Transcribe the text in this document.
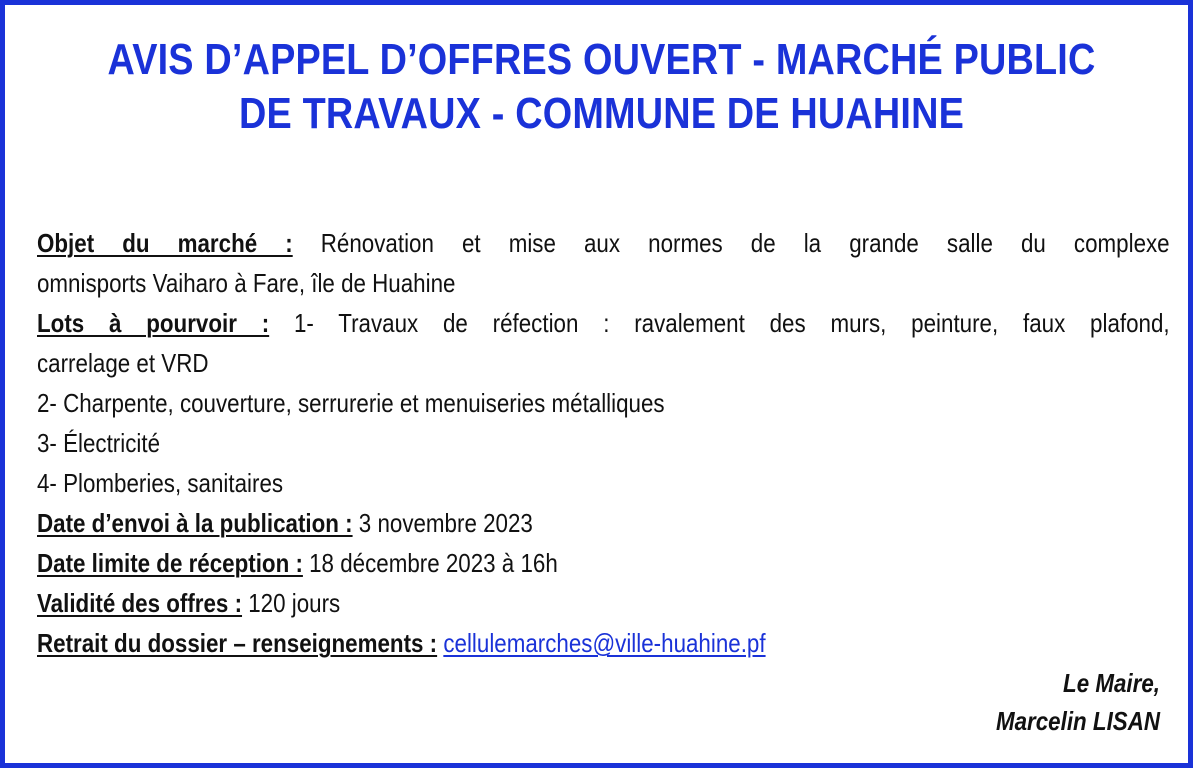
AVIS D’APPEL D’OFFRES OUVERT - MARCHÉ PUBLIC
DE TRAVAUX - COMMUNE DE HUAHINE
Objet du marché : Rénovation et mise aux normes de la grande salle du complexe
omnisports Vaiharo à Fare, île de Huahine
Lots à pourvoir : 1- Travaux de réfection : ravalement des murs, peinture, faux plafond,
carrelage et VRD
2- Charpente, couverture, serrurerie et menuiseries métalliques
3- Électricité
4- Plomberies, sanitaires
Date d’envoi à la publication : 3 novembre 2023
Date limite de réception : 18 décembre 2023 à 16h
Validité des offres : 120 jours
Retrait du dossier – renseignements : cellulemarches@ville-huahine.pf
Le Maire,
Marcelin LISAN
